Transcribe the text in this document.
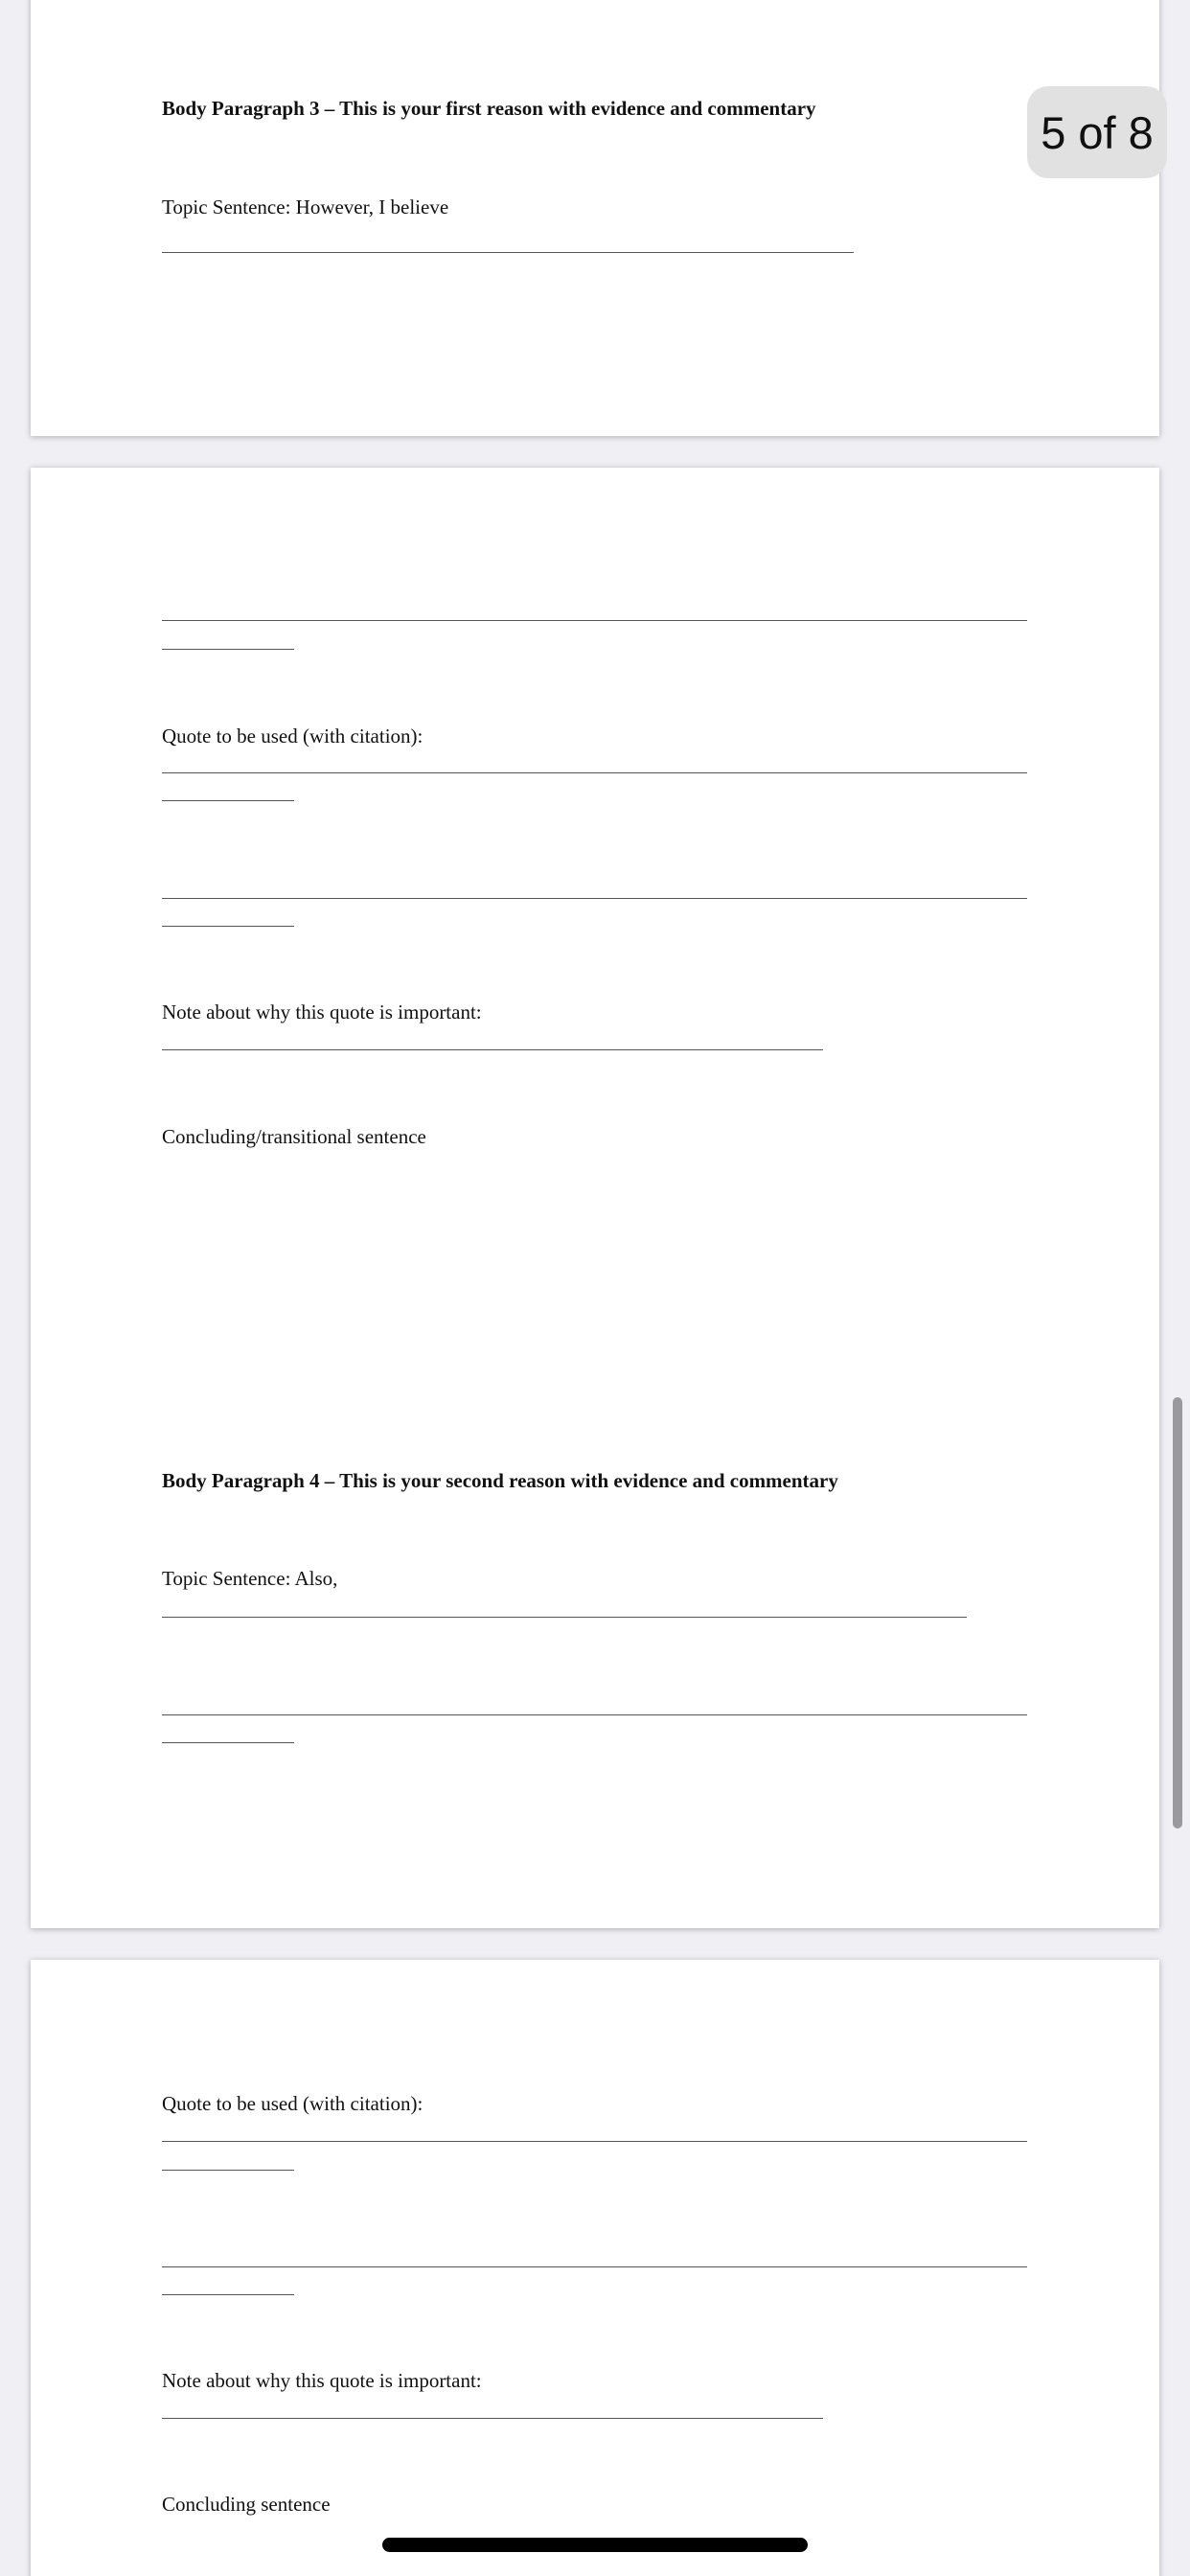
Body Paragraph 3 – This is your first reason with evidence and commentary

Topic Sentence: However, I believe

Quote to be used (with citation):

Note about why this quote is important:

Concluding/transitional sentence

Body Paragraph 4 – This is your second reason with evidence and commentary

Topic Sentence: Also,

Quote to be used (with citation):

Note about why this quote is important:

Concluding sentence

5 of 8
